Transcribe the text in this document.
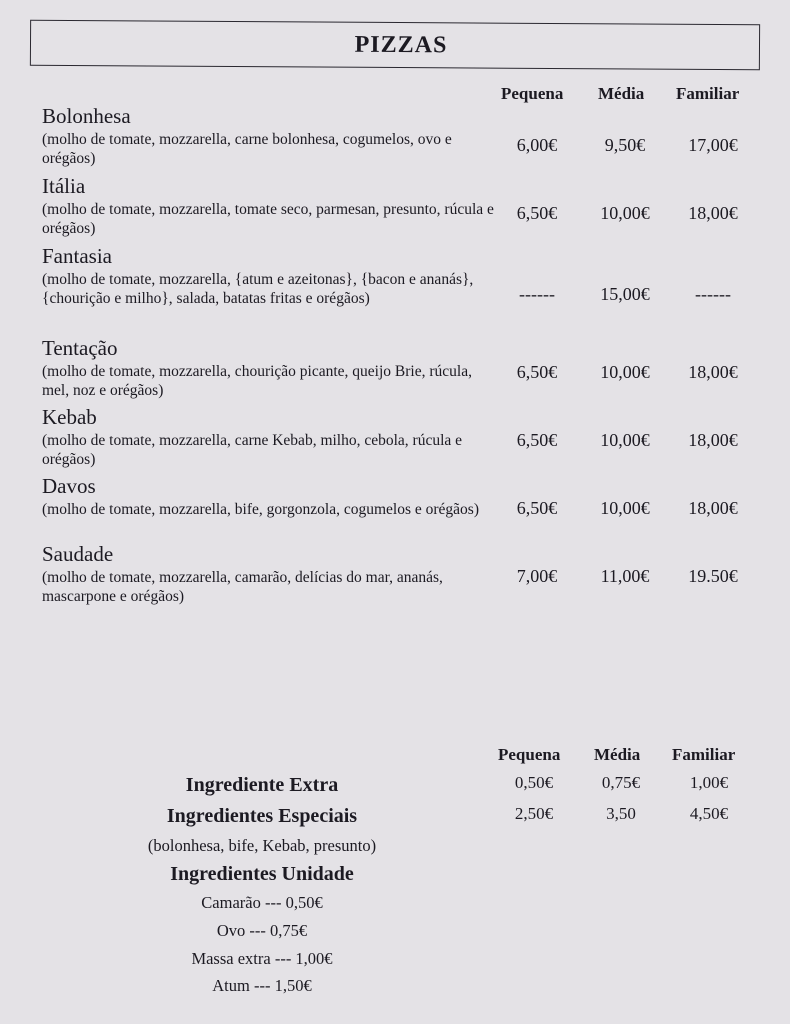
PIZZAS
Pequena Média Familiar

Bolonhesa

(molho de tomate, mozzarella, carne bolonhesa, cogumelos, ovo e orégãos)

6,00€	9,50€	17,00€

Itália

(molho de tomate, mozzarella, tomate seco, parmesan, presunto, rúcula e orégãos)

6,50€	10,00€	18,00€

Fantasia

(molho de tomate, mozzarella, {atum e azeitonas}, {bacon e ananás}, {chourição e milho}, salada, batatas fritas e orégãos)	------	15,00€	------

Tentação

(molho de tomate, mozzarella, chourição picante, queijo Brie, rúcula, mel, noz e orégãos)

6,50€	10,00€	18,00€

Kebab

(molho de tomate, mozzarella, carne Kebab, milho, cebola, rúcula e orégãos)

6,50€	10,00€	18,00€

Davos

(molho de tomate, mozzarella, bife, gorgonzola, cogumelos e orégãos)	6,50€	10,00€	18,00€

Saudade

(molho de tomate, mozzarella, camarão, delícias do mar, ananás, mascarpone e orégãos)

7,00€	11,00€	19.50€
Pequena Média Familiar
Ingrediente Extra	0,50€	0,75€	1,00€
Ingredientes Especiais	2,50€	3,50	4,50€
(bolonhesa, bife, Kebab, presunto)
Ingredientes Unidade
Camarão --- 0,50€
Ovo --- 0,75€
Massa extra --- 1,00€
Atum --- 1,50€
